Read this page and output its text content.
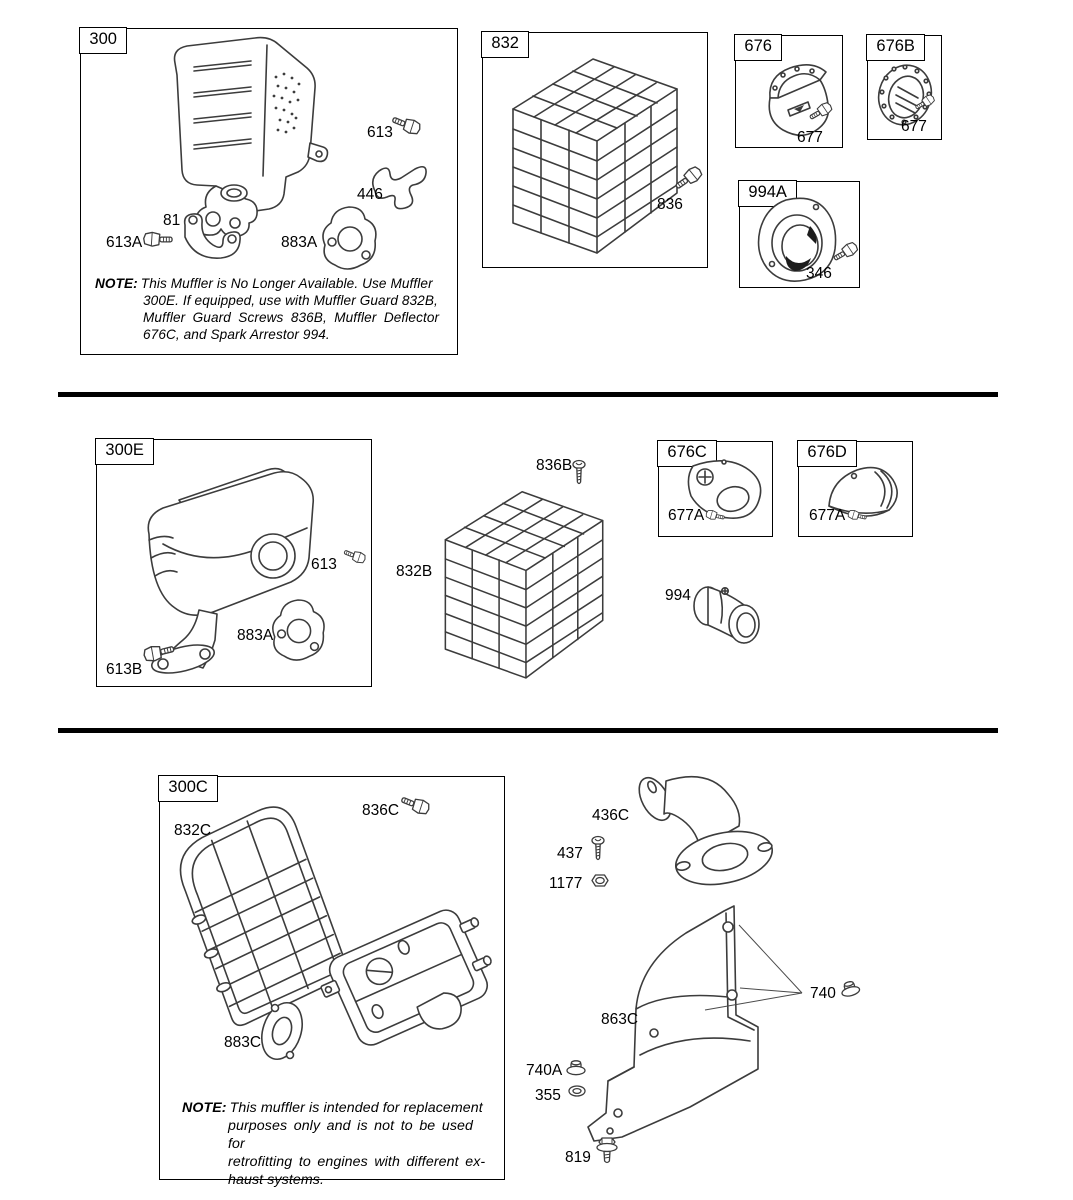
300
613
446
81
613A	883A
NOTE: This Muffler is No Longer Available. Use Muffler
300E. If equipped, use with Muffler Guard 832B,
Muffler Guard Screws 836B, Muffler Deflector
676C, and Spark Arrestor 994.
832
836
676
677
676B
677
994A
346
300E
613
883A
613B
836B
832B
676C
677A
676D
677A
994
300C
832C
836C
883C
NOTE: This muffler is intended for replacement
purposes only and is not to be used for
retrofitting to engines with different ex-
haust systems.
436C
437
1177
863C
740
740A
355
819
